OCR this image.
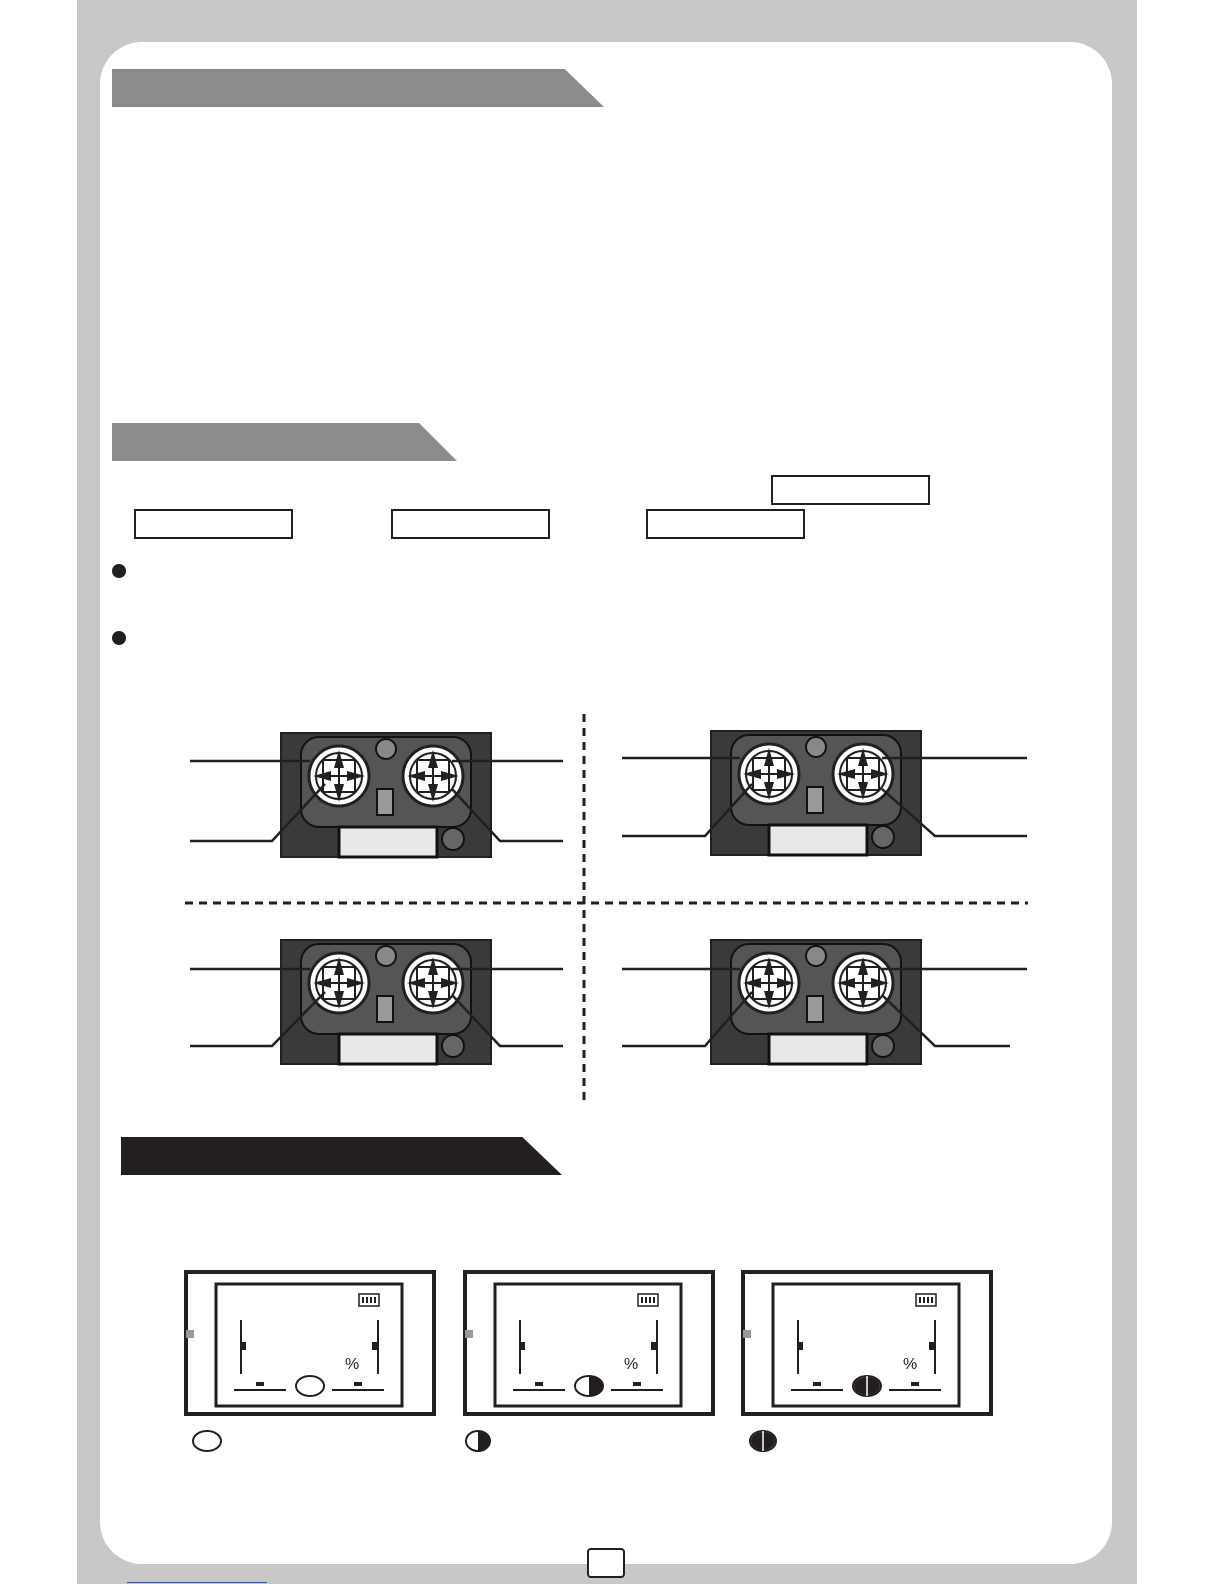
%	%	%
